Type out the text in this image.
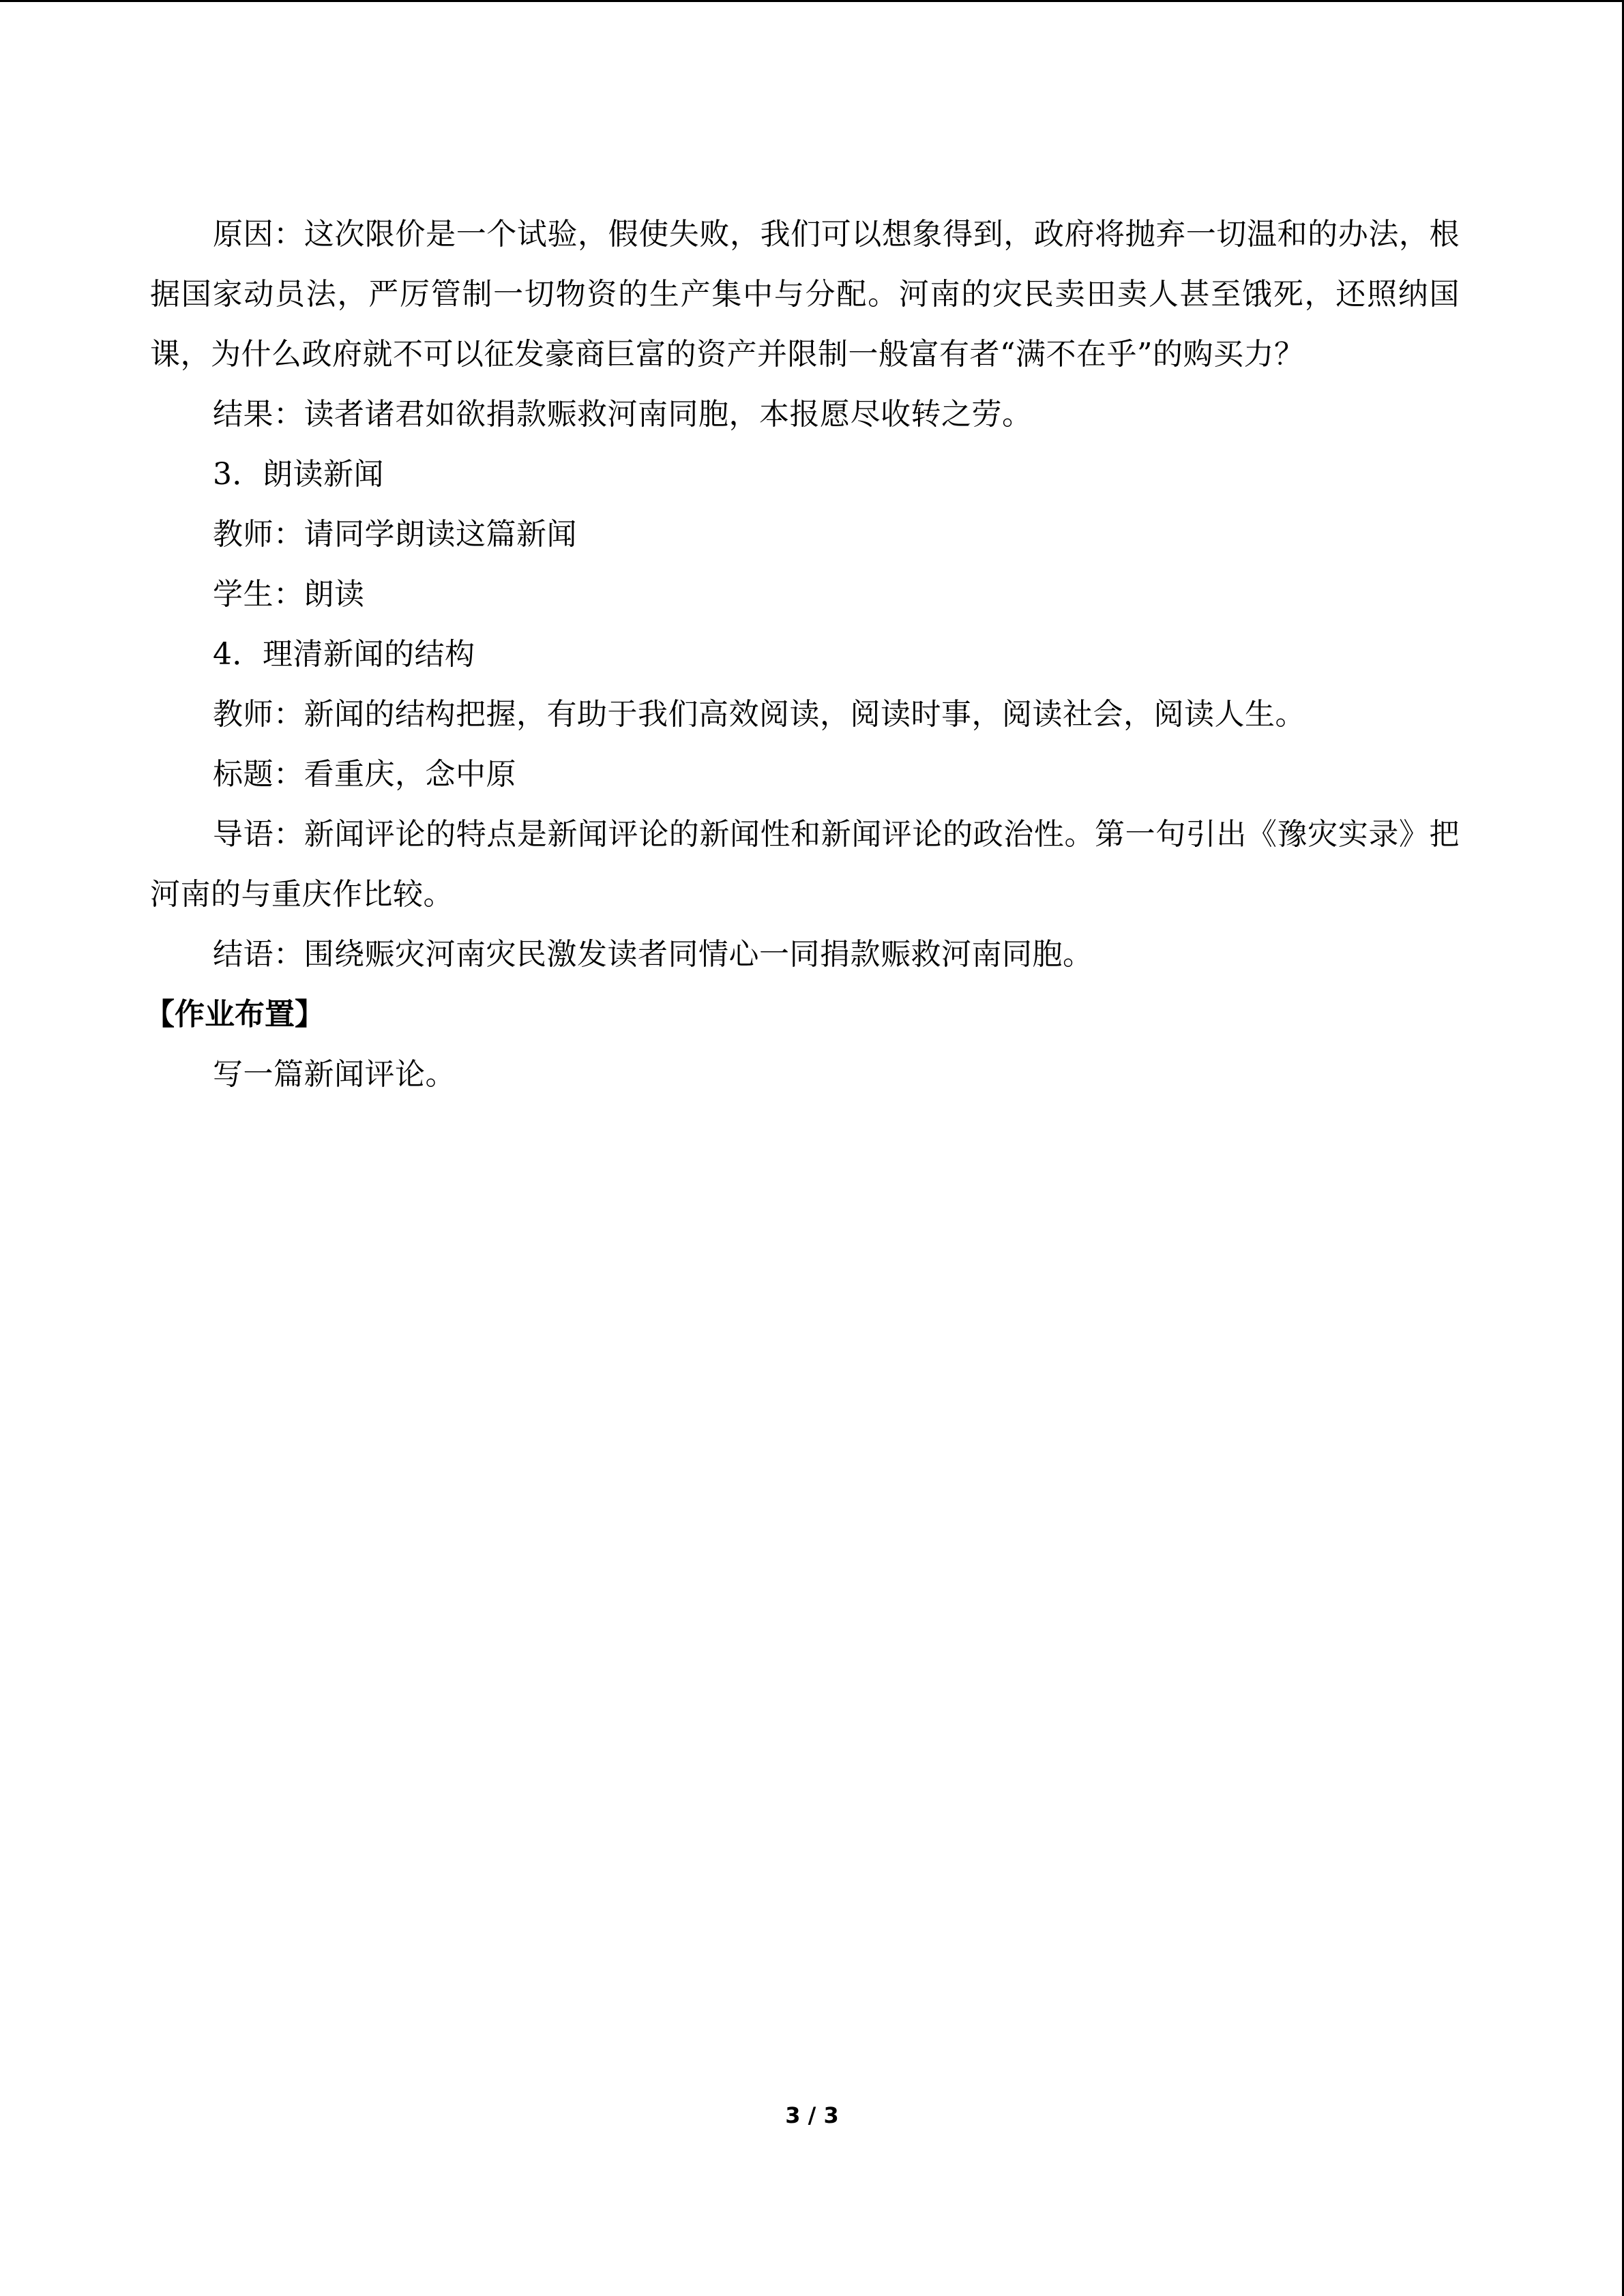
原因：这次限价是一个试验，假使失败，我们可以想象得到，政府将抛弃一切温和的办法，根据国家动员法，严厉管制一切物资的生产集中与分配。河南的灾民卖田卖人甚至饿死，还照纳国课，为什么政府就不可以征发豪商巨富的资产并限制一般富有者“满不在乎”的购买力？

结果：读者诸君如欲捐款赈救河南同胞，本报愿尽收转之劳。

3．朗读新闻

教师：请同学朗读这篇新闻

学生：朗读

4．理清新闻的结构

教师：新闻的结构把握，有助于我们高效阅读，阅读时事，阅读社会，阅读人生。

标题：看重庆，念中原

导语：新闻评论的特点是新闻评论的新闻性和新闻评论的政治性。第一句引出《豫灾实录》把河南的与重庆作比较。

结语：围绕赈灾河南灾民激发读者同情心一同捐款赈救河南同胞。

【作业布置】

写一篇新闻评论。

3 / 3
